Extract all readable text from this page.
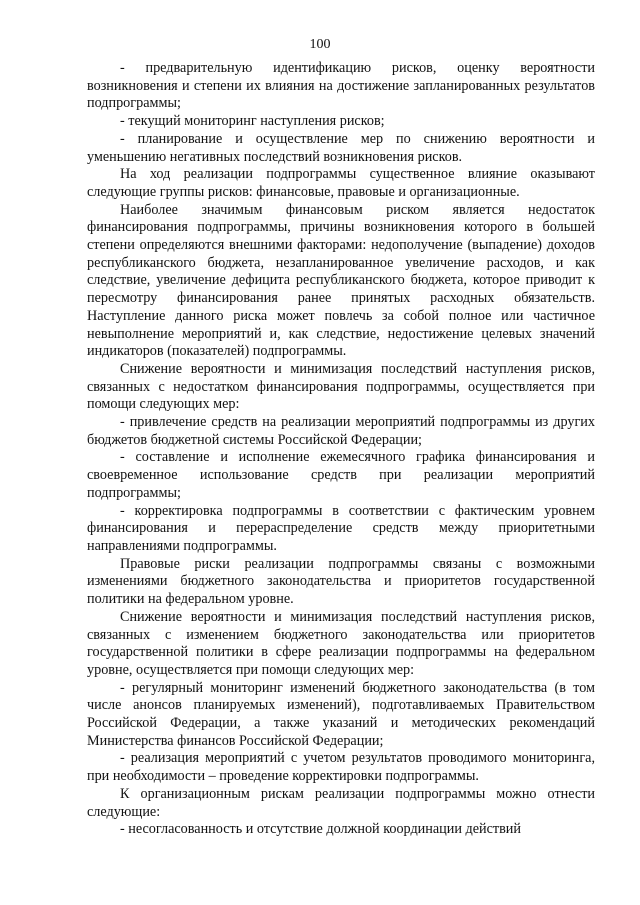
100

- предварительную идентификацию рисков, оценку вероятности возникновения и степени их влияния на достижение запланированных результатов подпрограммы;

- текущий мониторинг наступления рисков;

- планирование и осуществление мер по снижению вероятности и уменьшению негативных последствий возникновения рисков.

На ход реализации подпрограммы существенное влияние оказывают следующие группы рисков: финансовые, правовые и организационные.

Наиболее значимым финансовым риском является недостаток финансирования подпрограммы, причины возникновения которого в большей степени определяются внешними факторами: недополучение (выпадение) доходов республиканского бюджета, незапланированное увеличение расходов, и как следствие, увеличение дефицита республиканского бюджета, которое приводит к пересмотру финансирования ранее принятых расходных обязательств. Наступление данного риска может повлечь за собой полное или частичное невыполнение мероприятий и, как следствие, недостижение целевых значений индикаторов (показателей) подпрограммы.

Снижение вероятности и минимизация последствий наступления рисков, связанных с недостатком финансирования подпрограммы, осуществляется при помощи следующих мер:

- привлечение средств на реализации мероприятий подпрограммы из других бюджетов бюджетной системы Российской Федерации;

- составление и исполнение ежемесячного графика финансирования и своевременное использование средств при реализации мероприятий подпрограммы;

- корректировка подпрограммы в соответствии с фактическим уровнем финансирования и перераспределение средств между приоритетными направлениями подпрограммы.

Правовые риски реализации подпрограммы связаны с возможными изменениями бюджетного законодательства и приоритетов государственной политики на федеральном уровне.

Снижение вероятности и минимизация последствий наступления рисков, связанных с изменением бюджетного законодательства или приоритетов государственной политики в сфере реализации подпрограммы на федеральном уровне, осуществляется при помощи следующих мер:

- регулярный мониторинг изменений бюджетного законодательства (в том числе анонсов планируемых изменений), подготавливаемых Правительством Российской Федерации, а также указаний и методических рекомендаций Министерства финансов Российской Федерации;

- реализация мероприятий с учетом результатов проводимого мониторинга, при необходимости – проведение корректировки подпрограммы.

К организационным рискам реализации подпрограммы можно отнести следующие:

- несогласованность и отсутствие должной координации действий
